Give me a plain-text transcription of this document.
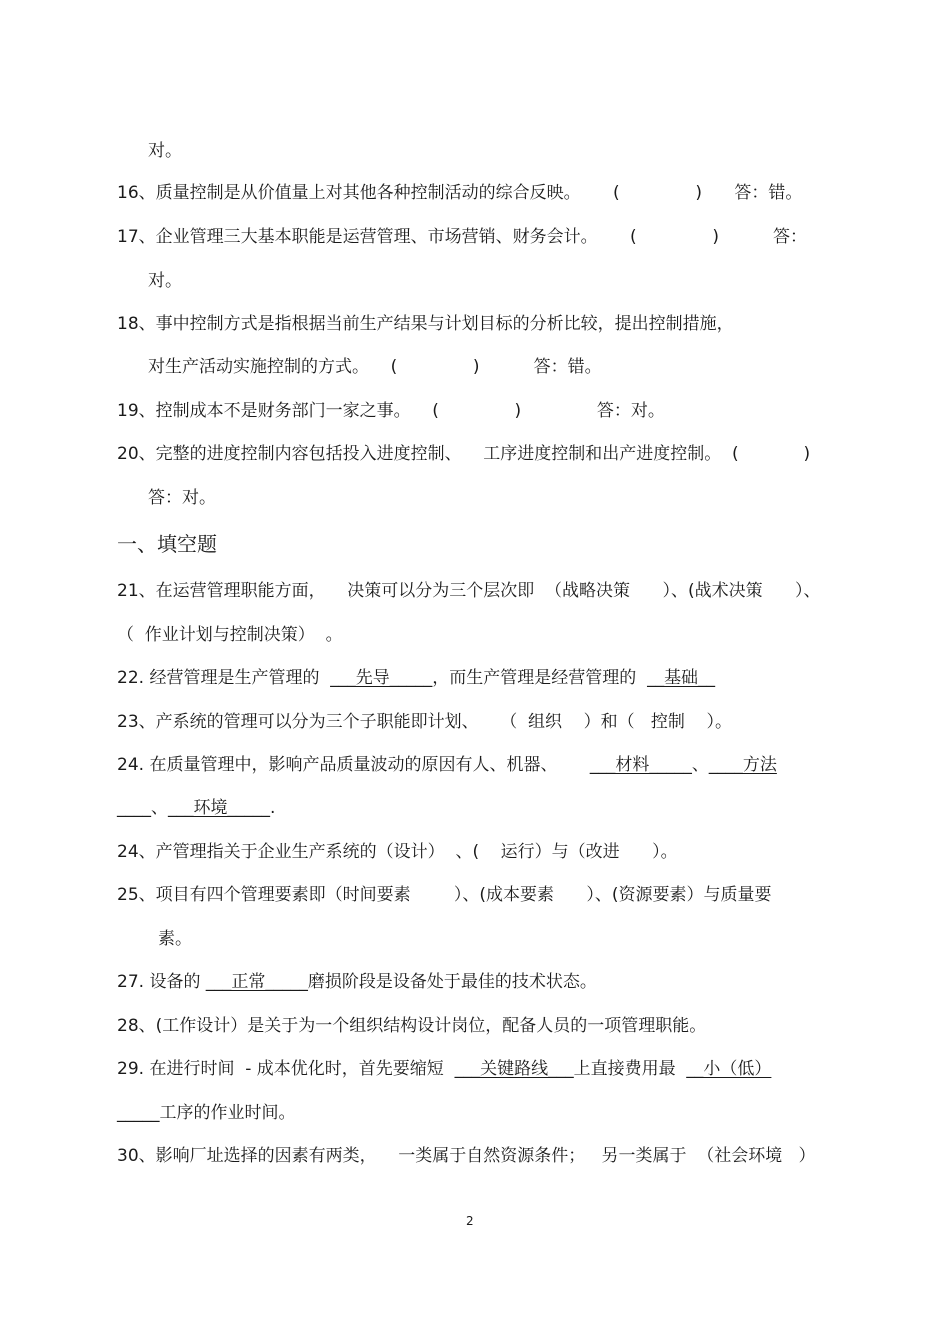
对。
16、质量控制是从价值量上对其他各种控制活动的综合反映。      (              )      答：错。
17、企业管理三大基本职能是运营管理、市场营销、财务会计。      (              )          答：
对。
18、事中控制方式是指根据当前生产结果与计划目标的分析比较，提出控制措施，
对生产活动实施控制的方式。    (              )          答：错。
19、控制成本不是财务部门一家之事。    (              )              答：对。
20、完整的进度控制内容包括投入进度控制、    工序进度控制和出产进度控制。  (            )
答：对。
一、填空题
21、在运营管理职能方面，    决策可以分为三个层次即  （战略决策      ）、(战术决策      ）、
（  作业计划与控制决策）  。
22. 经营管理是生产管理的  ___先导_____，而生产管理是经营管理的  __基础__
23、产系统的管理可以分为三个子职能即计划、    （  组织    ）和（   控制    ）。
24. 在质量管理中，影响产品质量波动的原因有人、机器、      ___材料_____、____方法
____、___环境_____.
24、产管理指关于企业生产系统的（设计）  、(    运行）与（改进      ）。
25、项目有四个管理要素即（时间要素        ）、(成本要素      ）、(资源要素）与质量要
素。
27. 设备的 ___正常_____磨损阶段是设备处于最佳的技术状态。
28、(工作设计）是关于为一个组织结构设计岗位，配备人员的一项管理职能。
29. 在进行时间  - 成本优化时，首先要缩短  ___关键路线___上直接费用最  __小（低）
_____工序的作业时间。
30、影响厂址选择的因素有两类，    一类属于自然资源条件；   另一类属于  （社会环境   ）
2
